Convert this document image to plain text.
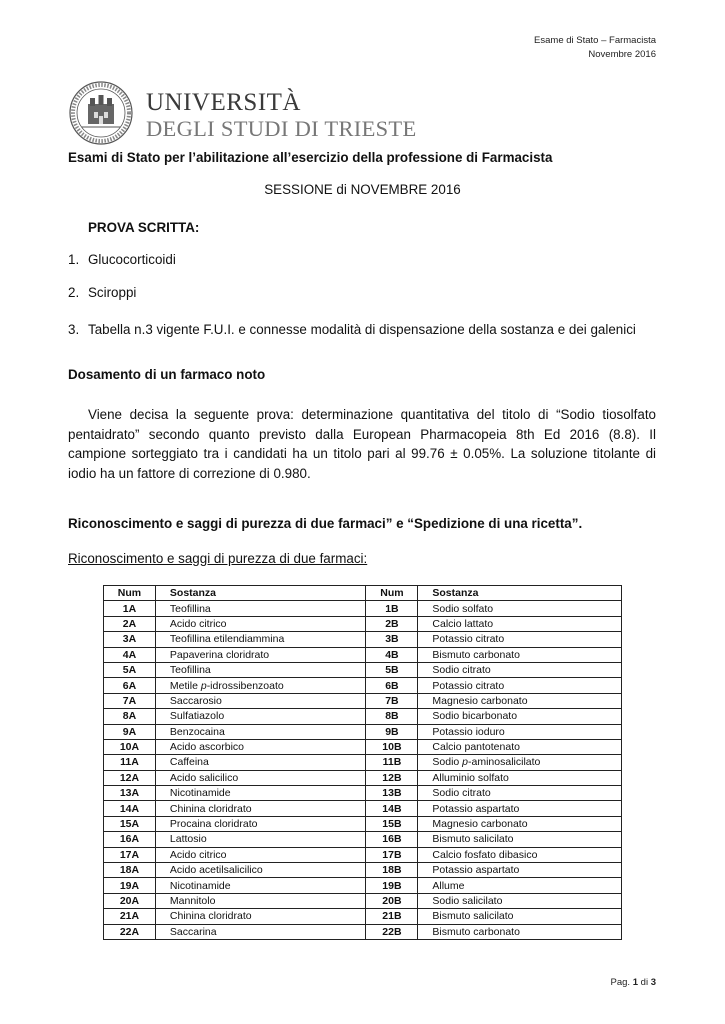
Esame di Stato – Farmacista
Novembre 2016
UNIVERSITÀ
DEGLI STUDI DI TRIESTE
Esami di Stato per l’abilitazione all’esercizio della professione di Farmacista
SESSIONE di NOVEMBRE 2016
PROVA SCRITTA:
1. Glucocorticoidi
2. Sciroppi
3. Tabella n.3 vigente F.U.I. e connesse modalità di dispensazione della sostanza e dei galenici
Dosamento di un farmaco noto
Viene decisa la seguente prova: determinazione quantitativa del titolo di “Sodio tiosolfato pentaidrato” secondo quanto previsto dalla European Pharmacopeia 8th Ed 2016 (8.8). Il campione sorteggiato tra i candidati ha un titolo pari al 99.76 ± 0.05%. La soluzione titolante di iodio ha un fattore di correzione di 0.980.
Riconoscimento e saggi di purezza di due farmaci” e “Spedizione di una ricetta”.
Riconoscimento e saggi di purezza di due farmaci:
Num	Sostanza	Num	Sostanza
1A	Teofillina	1B	Sodio solfato
2A	Acido citrico	2B	Calcio lattato
3A	Teofillina etilendiammina	3B	Potassio citrato
4A	Papaverina cloridrato	4B	Bismuto carbonato
5A	Teofillina	5B	Sodio citrato
6A	Metile p-idrossibenzoato	6B	Potassio citrato
7A	Saccarosio	7B	Magnesio carbonato
8A	Sulfatiazolo	8B	Sodio bicarbonato
9A	Benzocaina	9B	Potassio ioduro
10A	Acido ascorbico	10B	Calcio pantotenato
11A	Caffeina	11B	Sodio p-aminosalicilato
12A	Acido salicilico	12B	Alluminio solfato
13A	Nicotinamide	13B	Sodio citrato
14A	Chinina cloridrato	14B	Potassio aspartato
15A	Procaina cloridrato	15B	Magnesio carbonato
16A	Lattosio	16B	Bismuto salicilato
17A	Acido citrico	17B	Calcio fosfato dibasico
18A	Acido acetilsalicilico	18B	Potassio aspartato
19A	Nicotinamide	19B	Allume
20A	Mannitolo	20B	Sodio salicilato
21A	Chinina cloridrato	21B	Bismuto salicilato
22A	Saccarina	22B	Bismuto carbonato
Pag. 1 di 3
